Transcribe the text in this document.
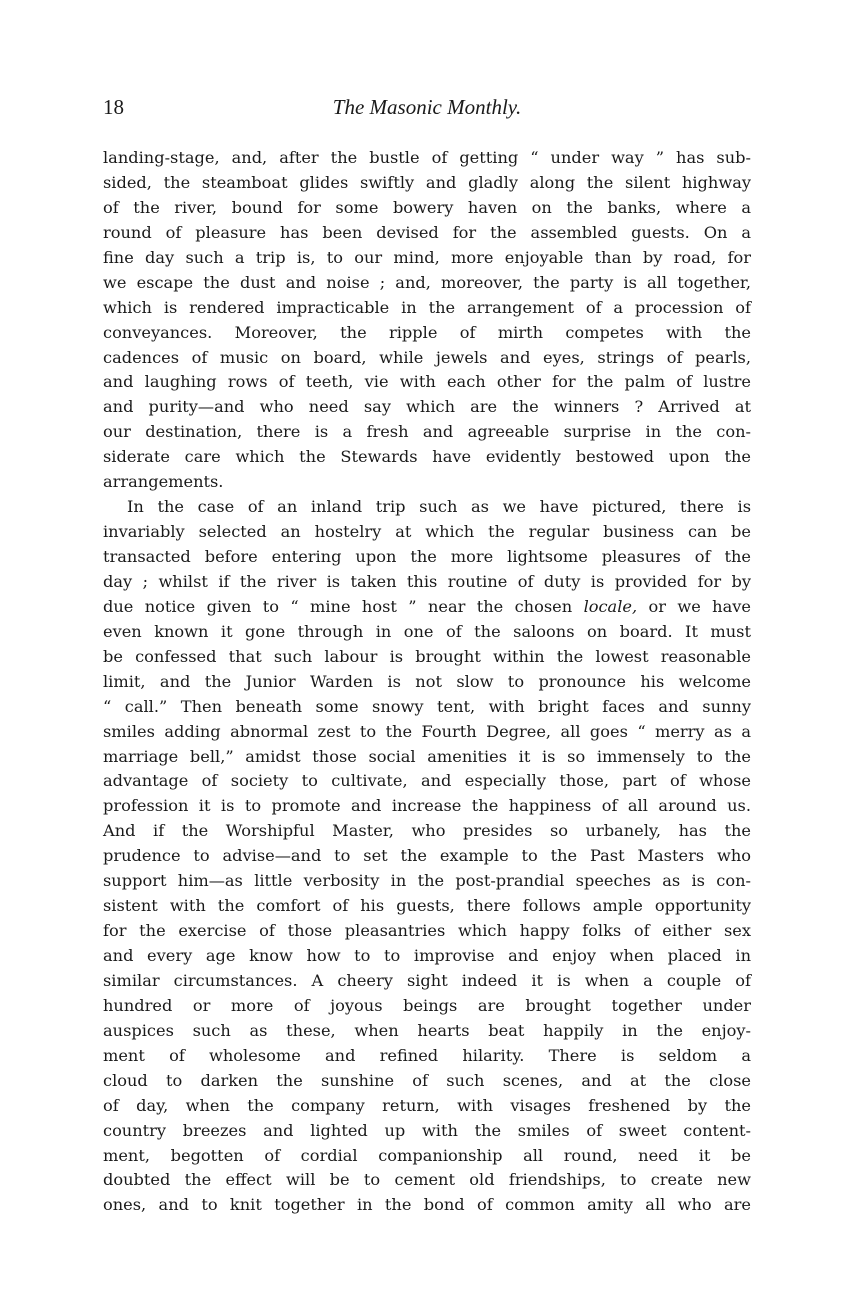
18	The Masonic Monthly.
landing-stage, and, after the bustle of getting “ under way ” has sub-
sided, the steamboat glides swiftly and gladly along the silent highway
of the river, bound for some bowery haven on the banks, where a
round of pleasure has been devised for the assembled guests. On a
fine day such a trip is, to our mind, more enjoyable than by road, for
we escape the dust and noise ; and, moreover, the party is all together,
which is rendered impracticable in the arrangement of a procession of
conveyances. Moreover, the ripple of mirth competes with the
cadences of music on board, while jewels and eyes, strings of pearls,
and laughing rows of teeth, vie with each other for the palm of lustre
and purity—and who need say which are the winners ? Arrived at
our destination, there is a fresh and agreeable surprise in the con-
siderate care which the Stewards have evidently bestowed upon the
arrangements.
In the case of an inland trip such as we have pictured, there is
invariably selected an hostelry at which the regular business can be
transacted before entering upon the more lightsome pleasures of the
day ; whilst if the river is taken this routine of duty is provided for by
due notice given to “ mine host ” near the chosen locale, or we have
even known it gone through in one of the saloons on board. It must
be confessed that such labour is brought within the lowest reasonable
limit, and the Junior Warden is not slow to pronounce his welcome
“ call.” Then beneath some snowy tent, with bright faces and sunny
smiles adding abnormal zest to the Fourth Degree, all goes “ merry as a
marriage bell,” amidst those social amenities it is so immensely to the
advantage of society to cultivate, and especially those, part of whose
profession it is to promote and increase the happiness of all around us.
And if the Worshipful Master, who presides so urbanely, has the
prudence to advise—and to set the example to the Past Masters who
support him—as little verbosity in the post-prandial speeches as is con-
sistent with the comfort of his guests, there follows ample opportunity
for the exercise of those pleasantries which happy folks of either sex
and every age know how to to improvise and enjoy when placed in
similar circumstances. A cheery sight indeed it is when a couple of
hundred or more of joyous beings are brought together under
auspices such as these, when hearts beat happily in the enjoy-
ment of wholesome and refined hilarity. There is seldom a
cloud to darken the sunshine of such scenes, and at the close
of day, when the company return, with visages freshened by the
country breezes and lighted up with the smiles of sweet content-
ment, begotten of cordial companionship all round, need it be
doubted the effect will be to cement old friendships, to create new
ones, and to knit together in the bond of common amity all who are
